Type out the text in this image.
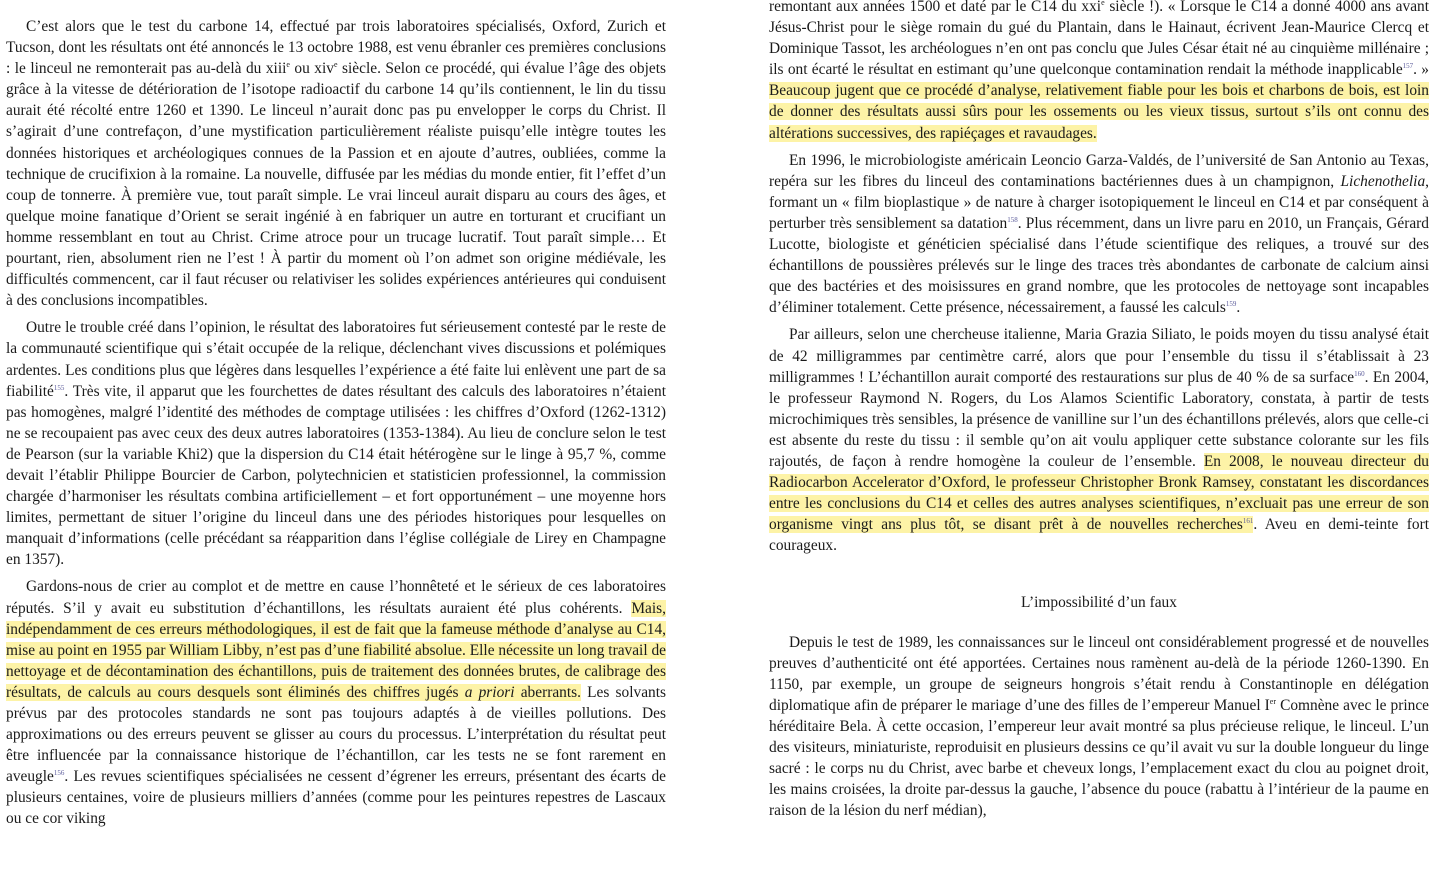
C’est alors que le test du carbone 14, effectué par trois laboratoires spécialisés, Oxford, Zurich et Tucson, dont les résultats ont été annoncés le 13 octobre 1988, est venu ébranler ces premières conclusions : le linceul ne remonterait pas au-delà du xiii$^e$ ou xiv$^e$ siècle. Selon ce procédé, qui évalue l’âge des objets grâce à la vitesse de détérioration de l’isotope radioactif du carbone 14 qu’ils contiennent, le lin du tissu aurait été récolté entre 1260 et 1390. Le linceul n’aurait donc pas pu envelopper le corps du Christ. Il s’agirait d’une contrefaçon, d’une mystification particulièrement réaliste puisqu’elle intègre toutes les données historiques et archéologiques connues de la Passion et en ajoute d’autres, oubliées, comme la technique de crucifixion à la romaine. La nouvelle, diffusée par les médias du monde entier, fit l’effet d’un coup de tonnerre. À première vue, tout paraît simple. Le vrai linceul aurait disparu au cours des âges, et quelque moine fanatique d’Orient se serait ingénié à en fabriquer un autre en torturant et crucifiant un homme ressemblant en tout au Christ. Crime atroce pour un trucage lucratif. Tout paraît simple… Et pourtant, rien, absolument rien ne l’est ! À partir du moment où l’on admet son origine médiévale, les difficultés commencent, car il faut récuser ou relativiser les solides expériences antérieures qui conduisent à des conclusions incompatibles.

Outre le trouble créé dans l’opinion, le résultat des laboratoires fut sérieusement contesté par le reste de la communauté scientifique qui s’était occupée de la relique, déclenchant vives discussions et polémiques ardentes. Les conditions plus que légères dans lesquelles l’expérience a été faite lui enlèvent une part de sa fiabilité$^{155}$. Très vite, il apparut que les fourchettes de dates résultant des calculs des laboratoires n’étaient pas homogènes, malgré l’identité des méthodes de comptage utilisées : les chiffres d’Oxford (1262-1312) ne se recoupaient pas avec ceux des deux autres laboratoires (1353-1384). Au lieu de conclure selon le test de Pearson (sur la variable Khi2) que la dispersion du C14 était hétérogène sur le linge à 95,7 %, comme devait l’établir Philippe Bourcier de Carbon, polytechnicien et statisticien professionnel, la commission chargée d’harmoniser les résultats combina artificiellement – et fort opportunément – une moyenne hors limites, permettant de situer l’origine du linceul dans une des périodes historiques pour lesquelles on manquait d’informations (celle précédant sa réapparition dans l’église collégiale de Lirey en Champagne en 1357).

Gardons-nous de crier au complot et de mettre en cause l’honnêteté et le sérieux de ces laboratoires réputés. S’il y avait eu substitution d’échantillons, les résultats auraient été plus cohérents. Mais, indépendamment de ces erreurs méthodologiques, il est de fait que la fameuse méthode d’analyse au C14, mise au point en 1955 par William Libby, n’est pas d’une fiabilité absolue. Elle nécessite un long travail de nettoyage et de décontamination des échantillons, puis de traitement des données brutes, de calibrage des résultats, de calculs au cours desquels sont éliminés des chiffres jugés a priori aberrants. Les solvants prévus par des protocoles standards ne sont pas toujours adaptés à de vieilles pollutions. Des approximations ou des erreurs peuvent se glisser au cours du processus. L’interprétation du résultat peut être influencée par la connaissance historique de l’échantillon, car les tests ne se font rarement en aveugle$^{156}$. Les revues scientifiques spécialisées ne cessent d’égrener les erreurs, présentant des écarts de plusieurs centaines, voire de plusieurs milliers d’années (comme pour les peintures repestres de Lascaux ou ce cor viking

remontant aux années 1500 et daté par le C14 du xxi$^e$ siècle !). « Lorsque le C14 a donné 4000 ans avant Jésus-Christ pour le siège romain du gué du Plantain, dans le Hainaut, écrivent Jean-Maurice Clercq et Dominique Tassot, les archéologues n’en ont pas conclu que Jules César était né au cinquième millénaire ; ils ont écarté le résultat en estimant qu’une quelconque contamination rendait la méthode inapplicable$^{157}$. » Beaucoup jugent que ce procédé d’analyse, relativement fiable pour les bois et charbons de bois, est loin de donner des résultats aussi sûrs pour les ossements ou les vieux tissus, surtout s’ils ont connu des altérations successives, des rapiéçages et ravaudages.

En 1996, le microbiologiste américain Leoncio Garza-Valdés, de l’université de San Antonio au Texas, repéra sur les fibres du linceul des contaminations bactériennes dues à un champignon, Lichenothelia, formant un « film bioplastique » de nature à charger isotopiquement le linceul en C14 et par conséquent à perturber très sensiblement sa datation$^{158}$. Plus récemment, dans un livre paru en 2010, un Français, Gérard Lucotte, biologiste et généticien spécialisé dans l’étude scientifique des reliques, a trouvé sur des échantillons de poussières prélevés sur le linge des traces très abondantes de carbonate de calcium ainsi que des bactéries et des moisissures en grand nombre, que les protocoles de nettoyage sont incapables d’éliminer totalement. Cette présence, nécessairement, a faussé les calculs$^{159}$.

Par ailleurs, selon une chercheuse italienne, Maria Grazia Siliato, le poids moyen du tissu analysé était de 42 milligrammes par centimètre carré, alors que pour l’ensemble du tissu il s’établissait à 23 milligrammes ! L’échantillon aurait comporté des restaurations sur plus de 40 % de sa surface$^{160}$. En 2004, le professeur Raymond N. Rogers, du Los Alamos Scientific Laboratory, constata, à partir de tests microchimiques très sensibles, la présence de vanilline sur l’un des échantillons prélevés, alors que celle-ci est absente du reste du tissu : il semble qu’on ait voulu appliquer cette substance colorante sur les fils rajoutés, de façon à rendre homogène la couleur de l’ensemble. En 2008, le nouveau directeur du Radiocarbon Accelerator d’Oxford, le professeur Christopher Bronk Ramsey, constatant les discordances entre les conclusions du C14 et celles des autres analyses scientifiques, n’excluait pas une erreur de son organisme vingt ans plus tôt, se disant prêt à de nouvelles recherches$^{161}$. Aveu en demi-teinte fort courageux.

L’impossibilité d’un faux

Depuis le test de 1989, les connaissances sur le linceul ont considérablement progressé et de nouvelles preuves d’authenticité ont été apportées. Certaines nous ramènent au-delà de la période 1260-1390. En 1150, par exemple, un groupe de seigneurs hongrois s’était rendu à Constantinople en délégation diplomatique afin de préparer le mariage d’une des filles de l’empereur Manuel Ier Comnène avec le prince héréditaire Bela. À cette occasion, l’empereur leur avait montré sa plus précieuse relique, le linceul. L’un des visiteurs, miniaturiste, reproduisit en plusieurs dessins ce qu’il avait vu sur la double longueur du linge sacré : le corps nu du Christ, avec barbe et cheveux longs, l’emplacement exact du clou au poignet droit, les mains croisées, la droite par-dessus la gauche, l’absence du pouce (rabattu à l’intérieur de la paume en raison de la lésion du nerf médian),
